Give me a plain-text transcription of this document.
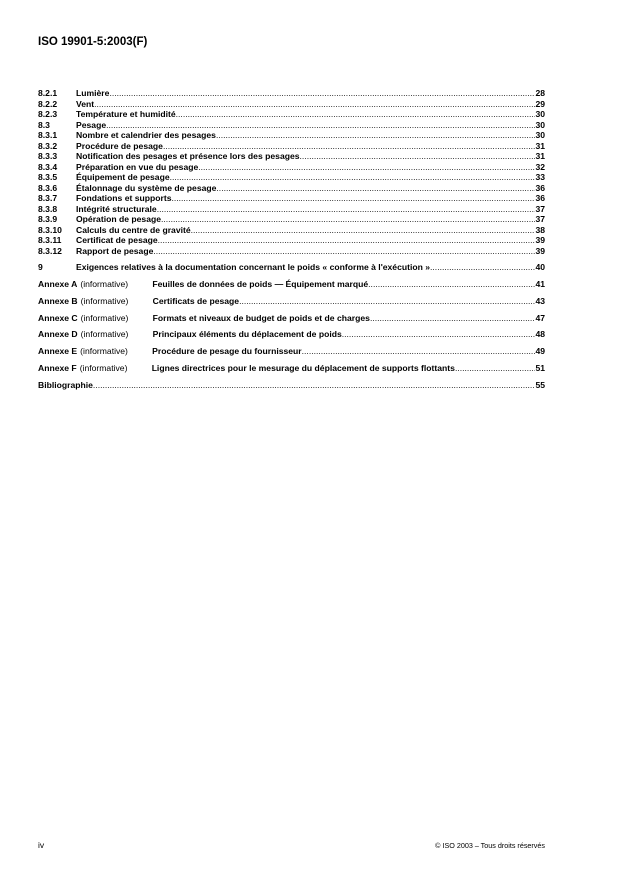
ISO 19901-5:2003(F)
8.2.1	Lumière .....	28
8.2.2	Vent .....	29
8.2.3	Température et humidité .....	30
8.3	Pesage .....	30
8.3.1	Nombre et calendrier des pesages .....	30
8.3.2	Procédure de pesage .....	31
8.3.3	Notification des pesages et présence lors des pesages .....	31
8.3.4	Préparation en vue du pesage .....	32
8.3.5	Équipement de pesage .....	33
8.3.6	Étalonnage du système de pesage .....	36
8.3.7	Fondations et supports .....	36
8.3.8	Intégrité structurale .....	37
8.3.9	Opération de pesage .....	37
8.3.10	Calculs du centre de gravité .....	38
8.3.11	Certificat de pesage .....	39
8.3.12	Rapport de pesage .....	39
9	Exigences relatives à la documentation concernant le poids « conforme à l'exécution » .....	40
Annexe A (informative)	Feuilles de données de poids — Équipement marqué .....	41
Annexe B (informative)	Certificats de pesage .....	43
Annexe C (informative)	Formats et niveaux de budget de poids et de charges .....	47
Annexe D (informative)	Principaux éléments du déplacement de poids .....	48
Annexe E (informative)	Procédure de pesage du fournisseur .....	49
Annexe F (informative)	Lignes directrices pour le mesurage du déplacement de supports flottants .....	51
Bibliographie .....	55
iv	© ISO 2003 – Tous droits réservés
